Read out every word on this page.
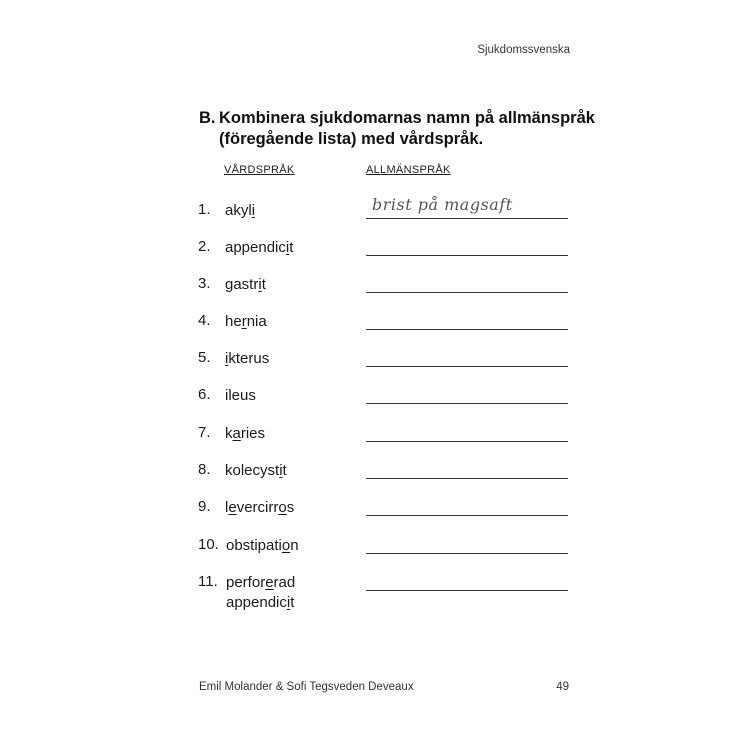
Sjukdomssvenska
B. Kombinera sjukdomarnas namn på allmänspråk
(föregående lista) med vårdspråk.
VÅRDSPRÅK	ALLMÄNSPRÅK
1. akyli	brist på magsaft
2. appendicit
3. gastrit
4. hernia
5. ikterus
6. ileus
7. karies
8. kolecystit
9. levercirros
10. obstipation
11. perforerad
appendicit
Emil Molander & Sofi Tegsveden Deveaux	49
